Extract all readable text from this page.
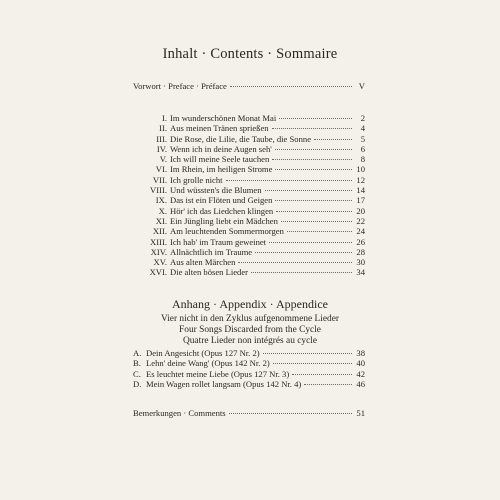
Inhalt · Contents · Sommaire
Vorwort · Preface · Préface	V
I. Im wunderschönen Monat Mai	2
II. Aus meinen Tränen sprießen	4
III. Die Rose, die Lilie, die Taube, die Sonne	5
IV. Wenn ich in deine Augen seh'	6
V. Ich will meine Seele tauchen	8
VI. Im Rhein, im heiligen Strome	10
VII. Ich grolle nicht	12
VIII. Und wüssten's die Blumen	14
IX. Das ist ein Flöten und Geigen	17
X. Hör' ich das Liedchen klingen	20
XI. Ein Jüngling liebt ein Mädchen	22
XII. Am leuchtenden Sommermorgen	24
XIII. Ich hab' im Traum geweinet	26
XIV. Allnächtlich im Traume	28
XV. Aus alten Märchen	30
XVI. Die alten bösen Lieder	34
Anhang · Appendix · Appendice
Vier nicht in den Zyklus aufgenommene Lieder
Four Songs Discarded from the Cycle
Quatre Lieder non intégrés au cycle
A. Dein Angesicht (Opus 127 Nr. 2)	38
B. Lehn' deine Wang' (Opus 142 Nr. 2)	40
C. Es leuchtet meine Liebe (Opus 127 Nr. 3)	42
D. Mein Wagen rollet langsam (Opus 142 Nr. 4)	46
Bemerkungen · Comments	51
